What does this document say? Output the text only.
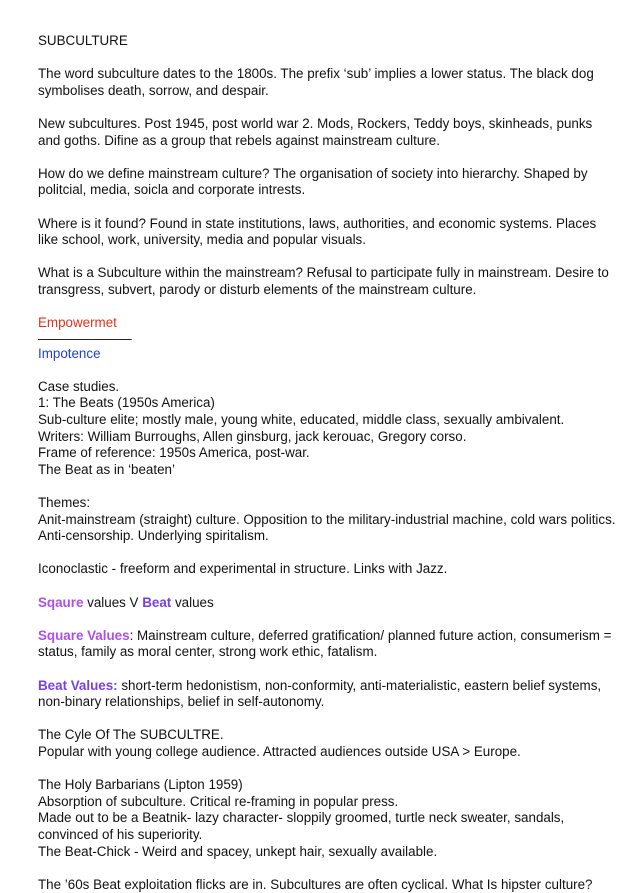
SUBCULTURE

The word subculture dates to the 1800s. The prefix ‘sub’ implies a lower status. The black dog symbolises death, sorrow, and despair.

New subcultures. Post 1945, post world war 2. Mods, Rockers, Teddy boys, skinheads, punks and goths. Difine as a group that rebels against mainstream culture.

How do we define mainstream culture? The organisation of society into hierarchy. Shaped by politcial, media, soicla and corporate intrests.

Where is it found? Found in state institutions, laws, authorities, and economic systems. Places like school, work, university, media and popular visuals.

What is a Subculture within the mainstream? Refusal to participate fully in mainstream. Desire to transgress, subvert, parody or disturb elements of the mainstream culture.

Empowermet

———————

Impotence

Case studies.

1: The Beats (1950s America)

Sub-culture elite; mostly male, young white, educated, middle class, sexually ambivalent.

Writers: William Burroughs, Allen ginsburg, jack kerouac, Gregory corso.

Frame of reference: 1950s America, post-war.

The Beat as in ‘beaten’

Themes:

Anit-mainstream (straight) culture. Opposition to the military-industrial machine, cold wars politics.

Anti-censorship. Underlying spiritalism.

Iconoclastic - freeform and experimental in structure. Links with Jazz.

Sqaure values V Beat values

Square Values: Mainstream culture, deferred gratification/ planned future action, consumerism = status, family as moral center, strong work ethic, fatalism.

Beat Values: short-term hedonistism, non-conformity, anti-materialistic, eastern belief systems, non-binary relationships, belief in self-autonomy.

The Cyle Of The SUBCULTRE.

Popular with young college audience. Attracted audiences outside USA > Europe.

The Holy Barbarians (Lipton 1959)

Absorption of subculture. Critical re-framing in popular press.

Made out to be a Beatnik- lazy character- sloppily groomed, turtle neck sweater, sandals, convinced of his superiority.

The Beat-Chick - Weird and spacey, unkept hair, sexually available.

The ’60s Beat exploitation flicks are in. Subcultures are often cyclical. What Is hipster culture?
